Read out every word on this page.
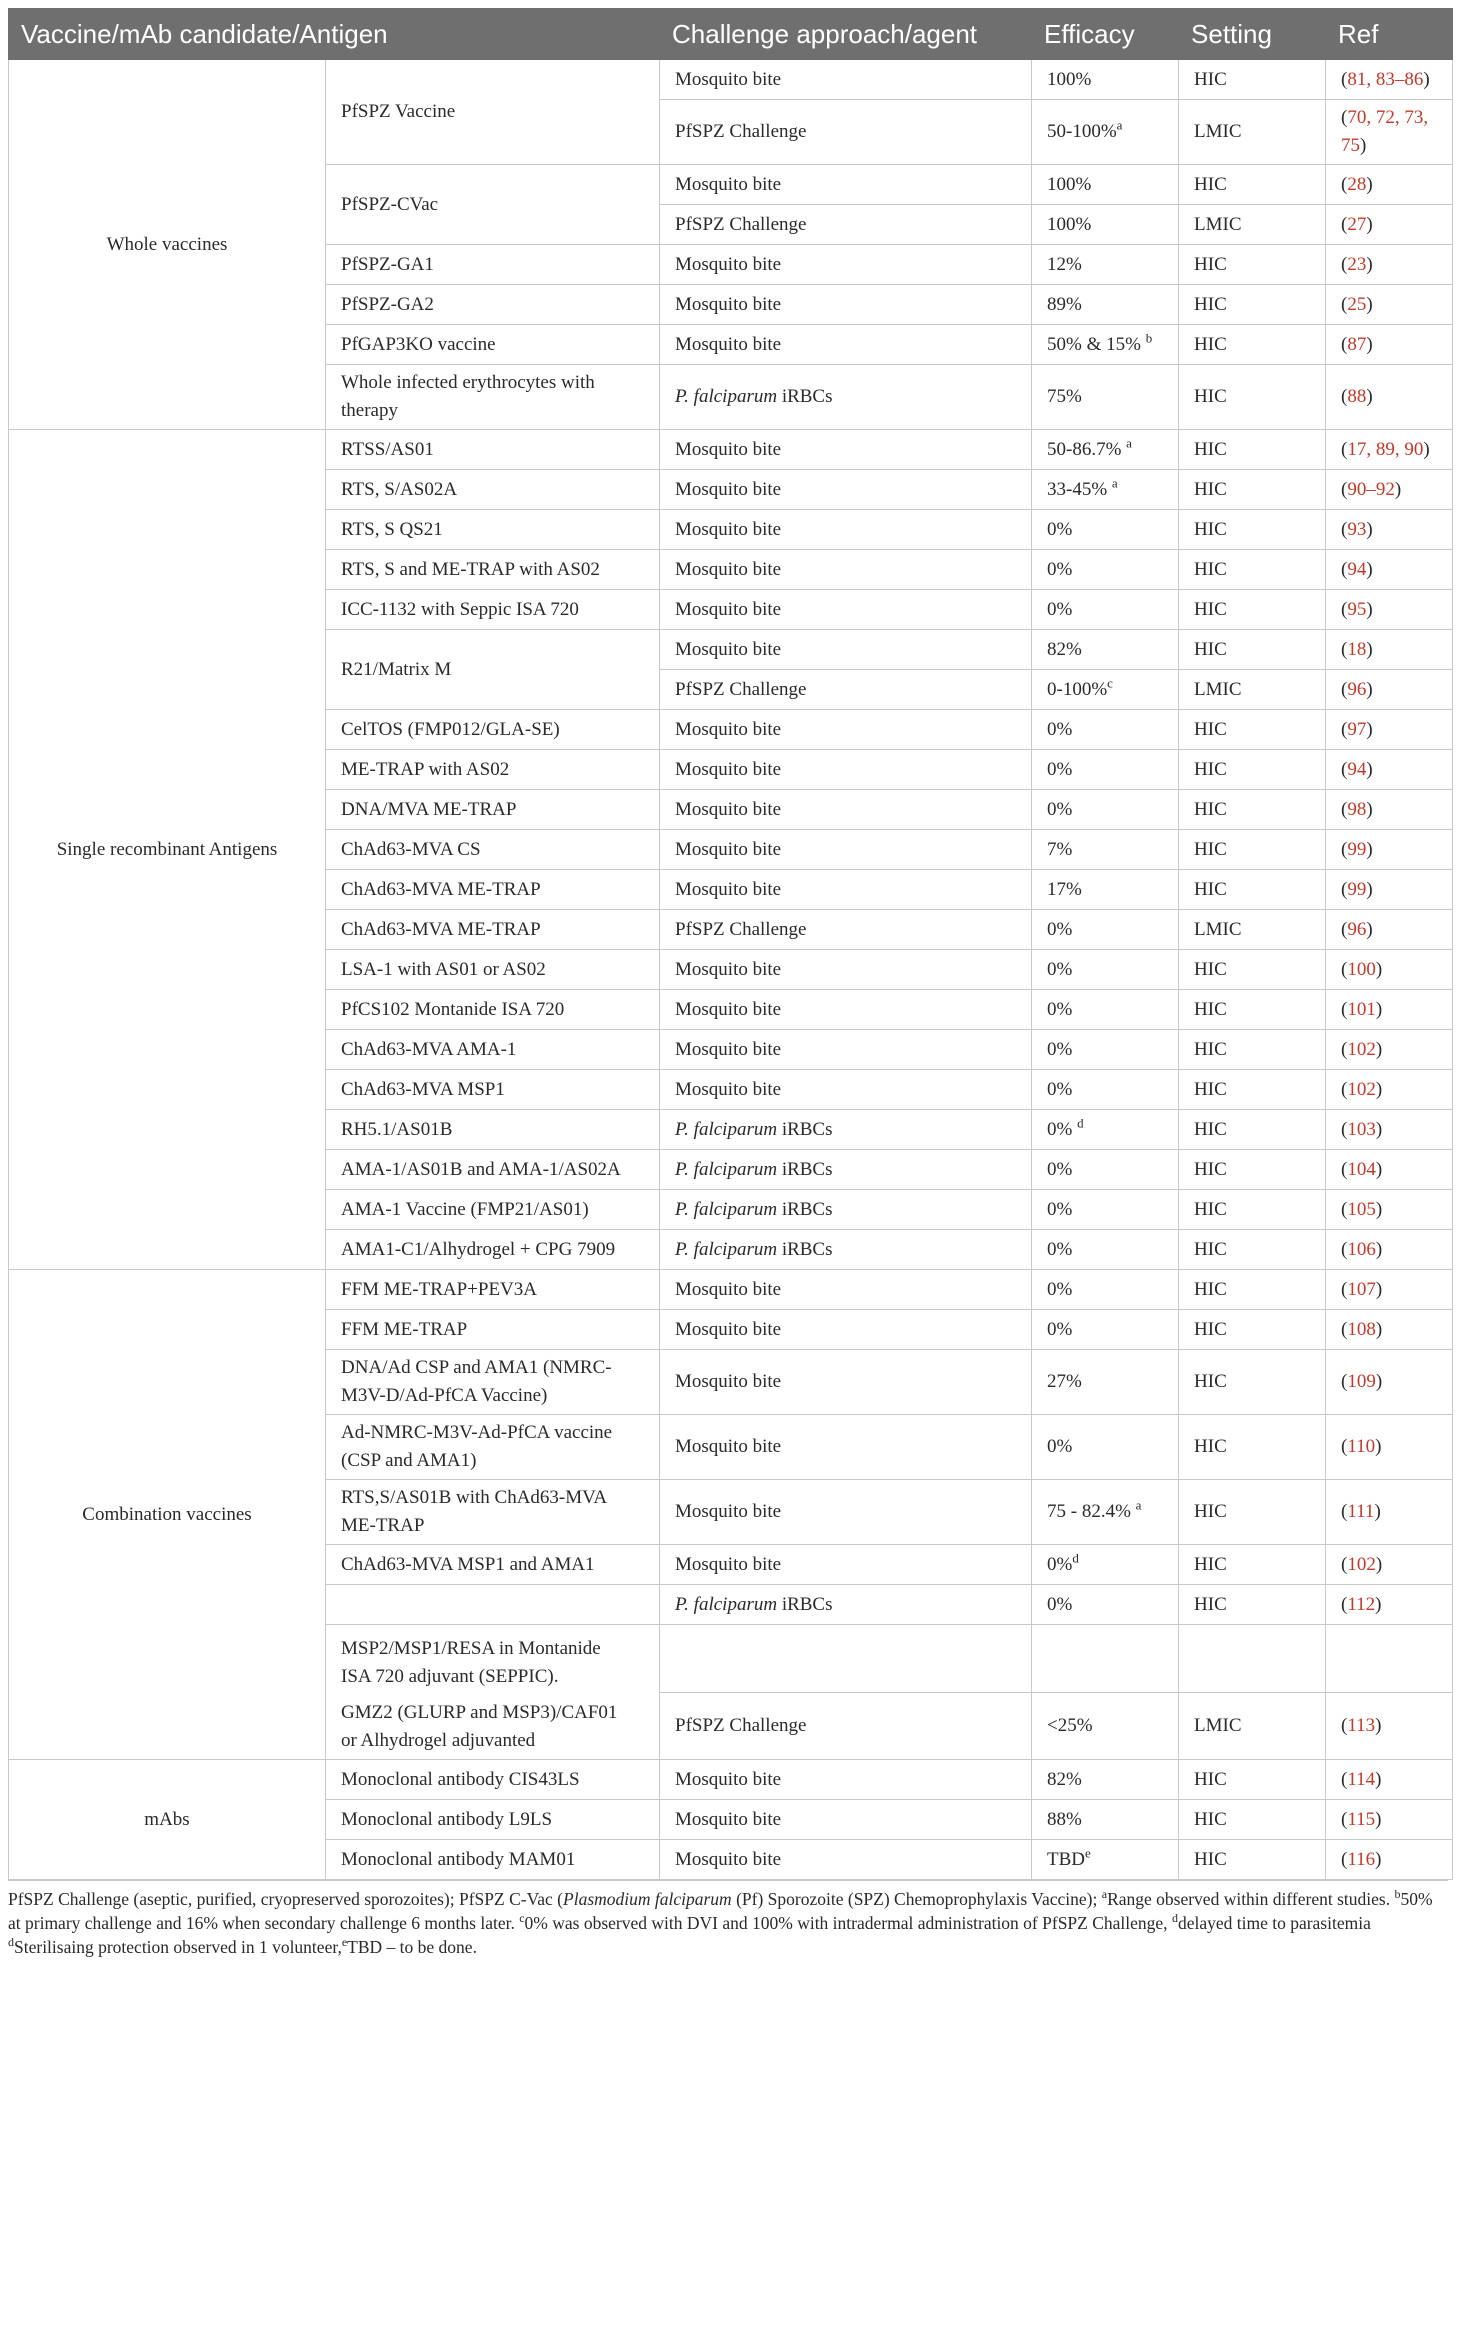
Vaccine/mAb candidate/Antigen		Challenge approach/agent	Efficacy	Setting	Ref
Whole vaccines	PfSPZ Vaccine	Mosquito bite	100%	HIC	(81, 83–86)
		PfSPZ Challenge	50-100%$^a$	LMIC	(70, 72, 73,
75)
	PfSPZ-CVac	Mosquito bite	100%	HIC	(28)
		PfSPZ Challenge	100%	LMIC	(27)
	PfSPZ-GA1	Mosquito bite	12%	HIC	(23)
	PfSPZ-GA2	Mosquito bite	89%	HIC	(25)
	PfGAP3KO vaccine	Mosquito bite	50% & 15% $^b$	HIC	(87)
	Whole infected erythrocytes with
therapy	P. falciparum iRBCs	75%	HIC	(88)
Single recombinant Antigens	RTSS/AS01	Mosquito bite	50-86.7% $^a$	HIC	(17, 89, 90)
	RTS, S/AS02A	Mosquito bite	33-45% $^a$	HIC	(90–92)
	RTS, S QS21	Mosquito bite	0%	HIC	(93)
	RTS, S and ME-TRAP with AS02	Mosquito bite	0%	HIC	(94)
	ICC-1132 with Seppic ISA 720	Mosquito bite	0%	HIC	(95)
	R21/Matrix M	Mosquito bite	82%	HIC	(18)
		PfSPZ Challenge	0-100%$^c$	LMIC	(96)
	CelTOS (FMP012/GLA-SE)	Mosquito bite	0%	HIC	(97)
	ME-TRAP with AS02	Mosquito bite	0%	HIC	(94)
	DNA/MVA ME-TRAP	Mosquito bite	0%	HIC	(98)
	ChAd63-MVA CS	Mosquito bite	7%	HIC	(99)
	ChAd63-MVA ME-TRAP	Mosquito bite	17%	HIC	(99)
	ChAd63-MVA ME-TRAP	PfSPZ Challenge	0%	LMIC	(96)
	LSA-1 with AS01 or AS02	Mosquito bite	0%	HIC	(100)
	PfCS102 Montanide ISA 720	Mosquito bite	0%	HIC	(101)
	ChAd63-MVA AMA-1	Mosquito bite	0%	HIC	(102)
	ChAd63-MVA MSP1	Mosquito bite	0%	HIC	(102)
	RH5.1/AS01B	P. falciparum iRBCs	0% $^d$	HIC	(103)
	AMA-1/AS01B and AMA-1/AS02A	P. falciparum iRBCs	0%	HIC	(104)
	AMA-1 Vaccine (FMP21/AS01)	P. falciparum iRBCs	0%	HIC	(105)
	AMA1-C1/Alhydrogel + CPG 7909	P. falciparum iRBCs	0%	HIC	(106)
Combination vaccines	FFM ME-TRAP+PEV3A	Mosquito bite	0%	HIC	(107)
	FFM ME-TRAP	Mosquito bite	0%	HIC	(108)
	DNA/Ad CSP and AMA1 (NMRC-
M3V-D/Ad-PfCA Vaccine)	Mosquito bite	27%	HIC	(109)
	Ad-NMRC-M3V-Ad-PfCA vaccine
(CSP and AMA1)	Mosquito bite	0%	HIC	(110)
	RTS,S/AS01B with ChAd63-MVA
ME-TRAP	Mosquito bite	75 - 82.4% $^a$	HIC	(111)
	ChAd63-MVA MSP1 and AMA1	Mosquito bite	0%$^d$	HIC	(102)
		P. falciparum iRBCs	0%	HIC	(112)
	MSP2/MSP1/RESA in Montanide
ISA 720 adjuvant (SEPPIC).

GMZ2 (GLURP and MSP3)/CAF01
or Alhydrogel adjuvanted				
		PfSPZ Challenge	<25%	LMIC	(113)
mAbs	Monoclonal antibody CIS43LS	Mosquito bite	82%	HIC	(114)
	Monoclonal antibody L9LS	Mosquito bite	88%	HIC	(115)
	Monoclonal antibody MAM01	Mosquito bite	TBD$^e$	HIC	(116)
PfSPZ Challenge (aseptic, purified, cryopreserved sporozoites); PfSPZ C-Vac (Plasmodium falciparum (Pf) Sporozoite (SPZ) Chemoprophylaxis Vaccine); $^a$Range observed within different studies. $^b$50% at primary challenge and 16% when secondary challenge 6 months later. $^c$0% was observed with DVI and 100% with intradermal administration of PfSPZ Challenge, $^d$delayed time to parasitemia $^d$Sterilisaing protection observed in 1 volunteer,$^e$TBD – to be done.
